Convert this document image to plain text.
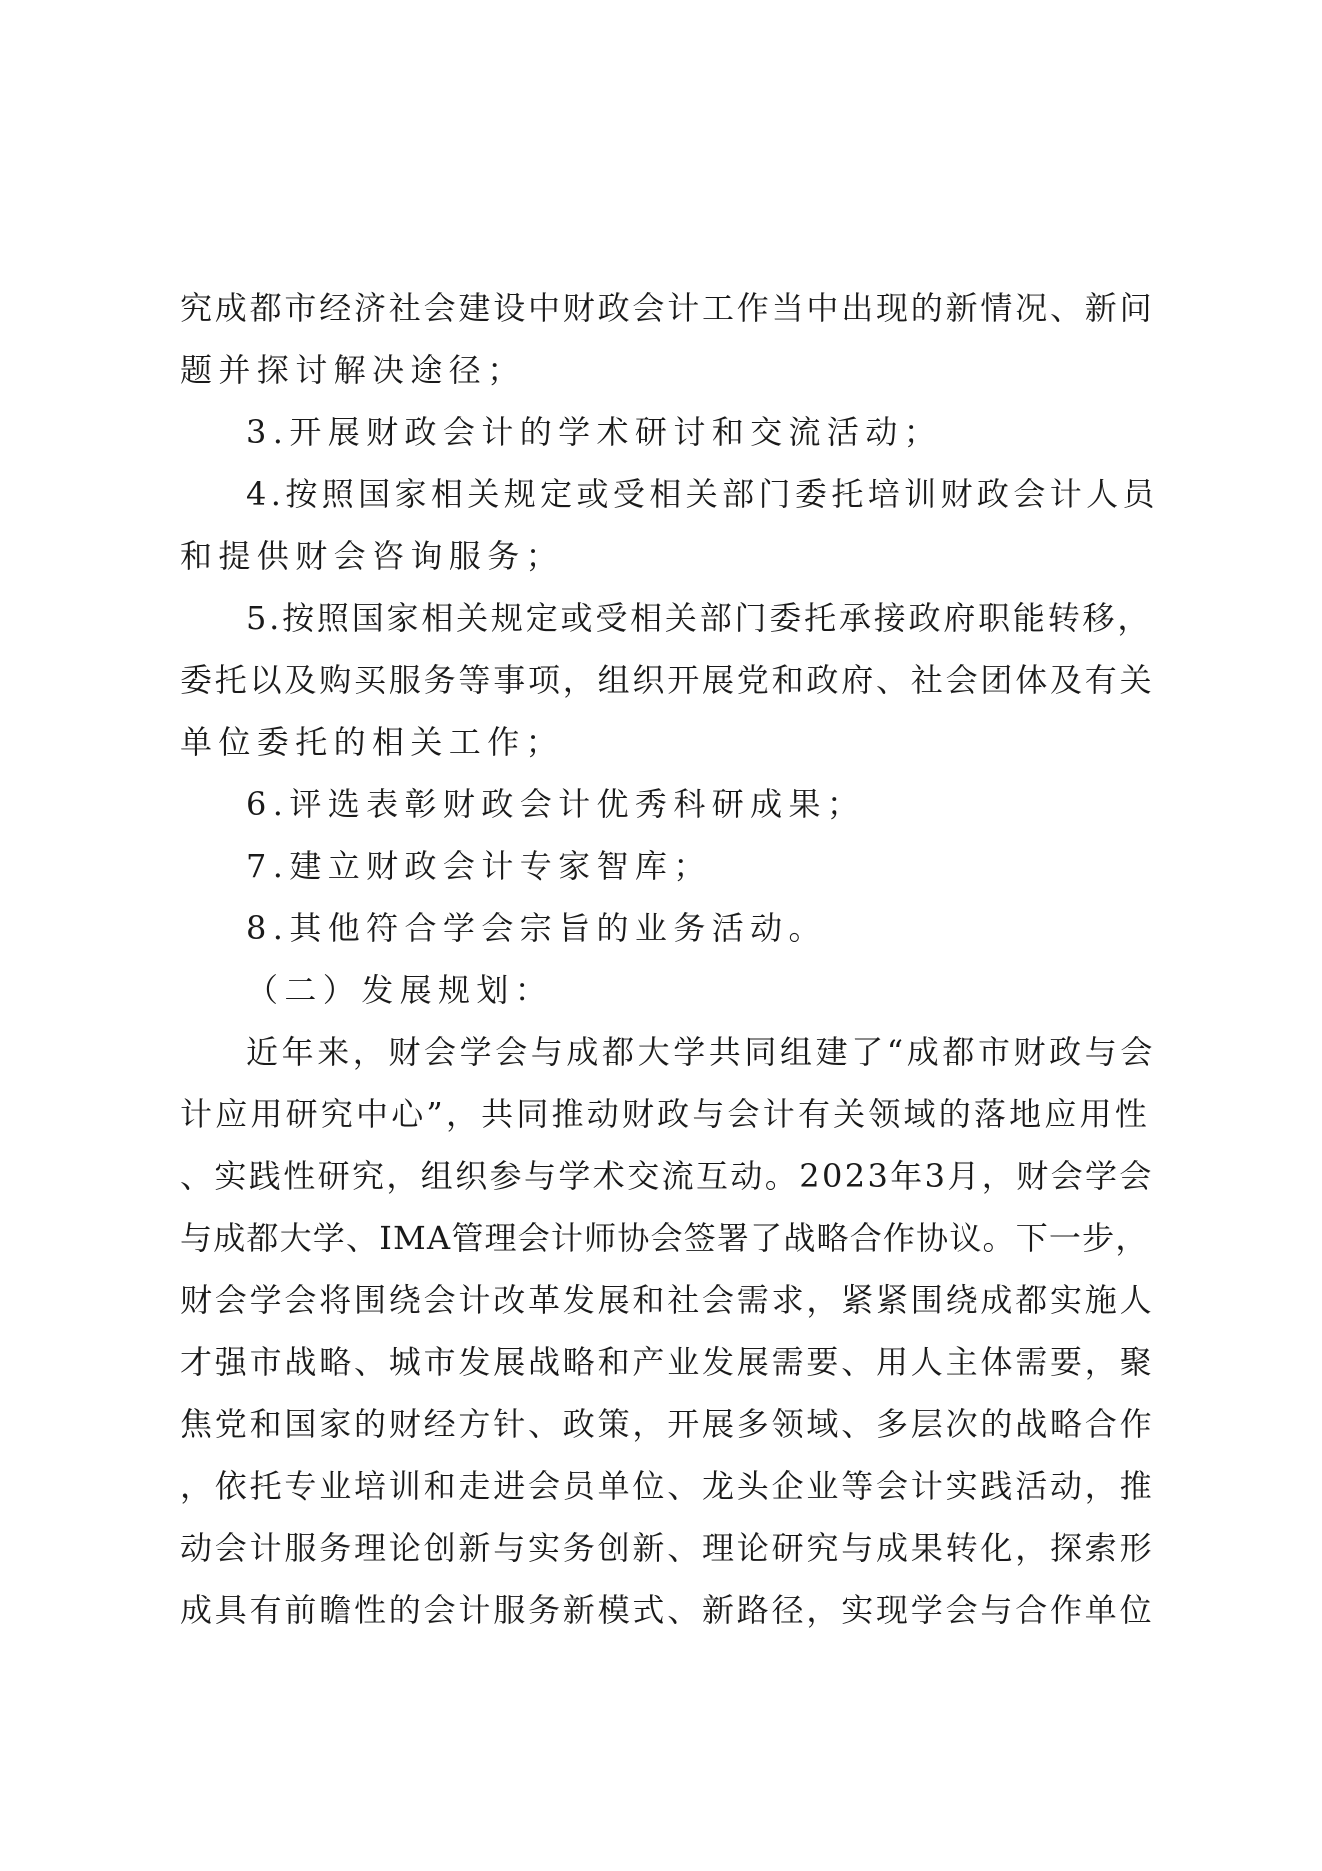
究成都市经济社会建设中财政会计工作当中出现的新情况、新问
题并探讨解决途径；
3.开展财政会计的学术研讨和交流活动；
4.按照国家相关规定或受相关部门委托培训财政会计人员
和提供财会咨询服务；
5.按照国家相关规定或受相关部门委托承接政府职能转移，
委托以及购买服务等事项，组织开展党和政府、社会团体及有关
单位委托的相关工作；
6.评选表彰财政会计优秀科研成果；
7.建立财政会计专家智库；
8.其他符合学会宗旨的业务活动。
（二）发展规划：
近年来，财会学会与成都大学共同组建了“成都市财政与会
计应用研究中心”，共同推动财政与会计有关领域的落地应用性
、实践性研究，组织参与学术交流互动。2023年3月，财会学会
与成都大学、IMA管理会计师协会签署了战略合作协议。下一步，
财会学会将围绕会计改革发展和社会需求，紧紧围绕成都实施人
才强市战略、城市发展战略和产业发展需要、用人主体需要，聚
焦党和国家的财经方针、政策，开展多领域、多层次的战略合作
，依托专业培训和走进会员单位、龙头企业等会计实践活动，推
动会计服务理论创新与实务创新、理论研究与成果转化，探索形
成具有前瞻性的会计服务新模式、新路径，实现学会与合作单位
